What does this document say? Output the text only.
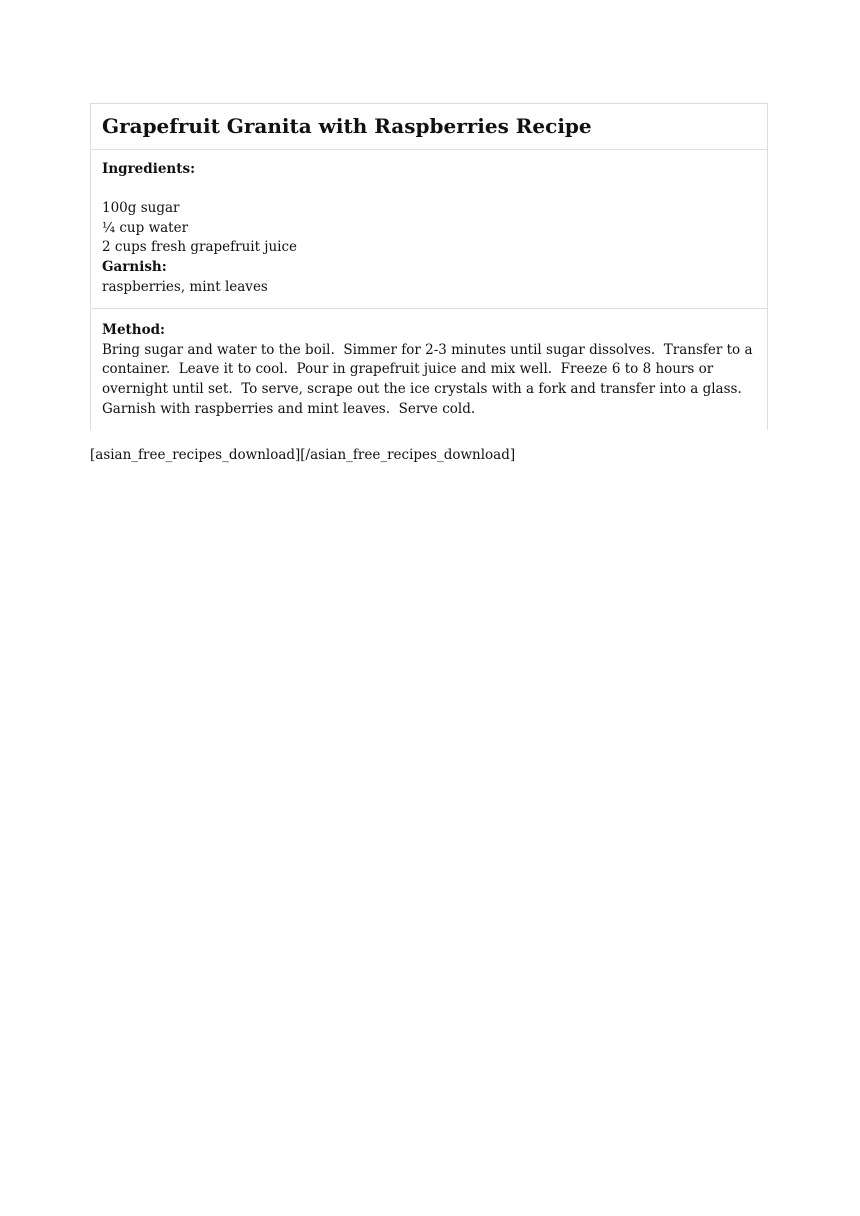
Grapefruit Granita with Raspberries Recipe
Ingredients:
100g sugar
¼ cup water
2 cups fresh grapefruit juice
Garnish:
raspberries, mint leaves
Method:
Bring sugar and water to the boil.  Simmer for 2-3 minutes until sugar dissolves.  Transfer to a container.  Leave it to cool.  Pour in grapefruit juice and mix well.  Freeze 6 to 8 hours or overnight until set.  To serve, scrape out the ice crystals with a fork and transfer into a glass.  Garnish with raspberries and mint leaves.  Serve cold.
[asian_free_recipes_download][/asian_free_recipes_download]
